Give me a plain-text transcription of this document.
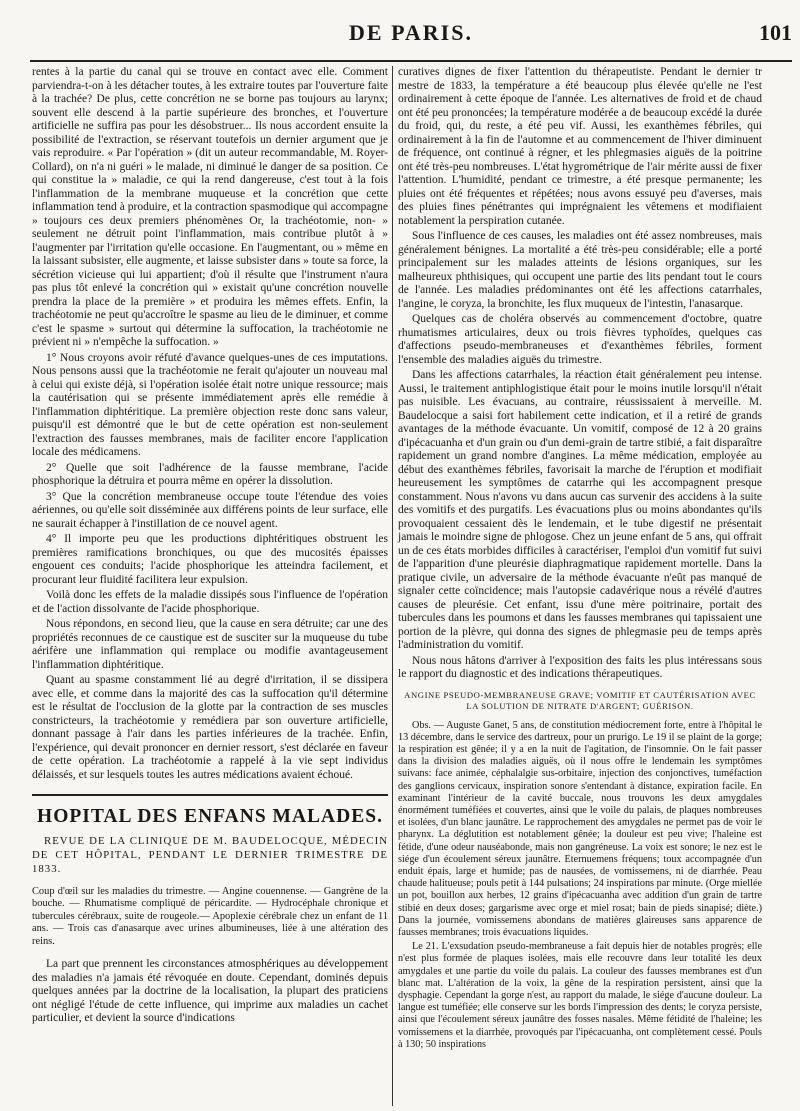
DE PARIS.	101

rentes à la partie du canal qui se trouve en contact avec elle. Comment parviendra-t-on à les détacher toutes, à les extraire toutes par l'ouverture faite à la trachée? De plus, cette concrétion ne se borne pas toujours au larynx; souvent elle descend à la partie supérieure des bronches, et l'ouverture artificielle ne suffira pas pour les désobstruer... Ils nous accordent ensuite la possibilité de l'extraction, se réservant toutefois un dernier argument que je vais reproduire. « Par l'opération » (dit un auteur recommandable, M. Royer-Collard), on n'a ni guéri » le malade, ni diminué le danger de sa position. Ce qui constitue la » maladie, ce qui la rend dangereuse, c'est tout à la fois l'inflammation de la membrane muqueuse et la concrétion que cette inflammation tend à produire, et la contraction spasmodique qui accompagne » toujours ces deux premiers phénomènes Or, la trachéotomie, non- » seulement ne détruit point l'inflammation, mais contribue plutôt à » l'augmenter par l'irritation qu'elle occasione. En l'augmentant, ou » même en la laissant subsister, elle augmente, et laisse subsister dans » toute sa force, la sécrétion vicieuse qui lui appartient; d'où il résulte que l'instrument n'aura pas plus tôt enlevé la concrétion qui » existait qu'une concrétion nouvelle prendra la place de la première » et produira les mêmes effets. Enfin, la trachéotomie ne peut qu'accroître le spasme au lieu de le diminuer, et comme c'est le spasme » surtout qui détermine la suffocation, la trachéotomie ne prévient ni » n'empêche la suffocation. »

1° Nous croyons avoir réfuté d'avance quelques-unes de ces imputations. Nous pensons aussi que la trachéotomie ne ferait qu'ajouter un nouveau mal à celui qui existe déjà, si l'opération isolée était notre unique ressource; mais la cautérisation qui se présente immédiatement après elle remédie à l'inflammation diphtéritique. La première objection reste donc sans valeur, puisqu'il est démontré que le but de cette opération est non-seulement l'extraction des fausses membranes, mais de faciliter encore l'application locale des médicamens.

2° Quelle que soit l'adhérence de la fausse membrane, l'acide phosphorique la détruira et pourra même en opérer la dissolution.

3° Que la concrétion membraneuse occupe toute l'étendue des voies aériennes, ou qu'elle soit disséminée aux différens points de leur surface, elle ne saurait échapper à l'instillation de ce nouvel agent.

4° Il importe peu que les productions diphtéritiques obstruent les premières ramifications bronchiques, ou que des mucosités épaisses engouent ces conduits; l'acide phosphorique les atteindra facilement, et procurant leur fluidité facilitera leur expulsion.

Voilà donc les effets de la maladie dissipés sous l'influence de l'opération et de l'action dissolvante de l'acide phosphorique.

Nous répondons, en second lieu, que la cause en sera détruite; car une des propriétés reconnues de ce caustique est de susciter sur la muqueuse du tube aérifère une inflammation qui remplace ou modifie avantageusement l'inflammation diphtéritique.

Quant au spasme constamment lié au degré d'irritation, il se dissipera avec elle, et comme dans la majorité des cas la suffocation qu'il détermine est le résultat de l'occlusion de la glotte par la contraction de ses muscles constricteurs, la trachéotomie y remédiera par son ouverture artificielle, donnant passage à l'air dans les parties inférieures de la trachée. Enfin, l'expérience, qui devait prononcer en dernier ressort, s'est déclarée en faveur de cette opération. La trachéotomie a rappelé à la vie sept individus délaissés, et sur lesquels toutes les autres médications avaient échoué.

HOPITAL DES ENFANS MALADES.

REVUE DE LA CLINIQUE DE M. BAUDELOCQUE, MÉDECIN DE CET HÔPITAL, PENDANT LE DERNIER TRIMESTRE DE 1833.

Coup d'œil sur les maladies du trimestre. — Angine couennense. — Gangrène de la bouche. — Rhumatisme compliqué de péricardite. — Hydrocéphale chronique et tubercules cérébraux, suite de rougeole.— Apoplexie cérébrale chez un enfant de 11 ans. — Trois cas d'anasarque avec urines albumineuses, liée à une altération des reins.

La part que prennent les circonstances atmosphériques au développement des maladies n'a jamais été révoquée en doute. Cependant, dominés depuis quelques années par la doctrine de la localisation, la plupart des praticiens ont négligé l'étude de cette influence, qui imprime aux maladies un cachet particulier, et devient la source d'indications

curatives dignes de fixer l'attention du thérapeutiste. Pendant le dernier tr mestre de 1833, la température a été beaucoup plus élevée qu'elle ne l'est ordinairement à cette époque de l'année. Les alternatives de froid et de chaud ont été peu prononcées; la température modérée a de beaucoup excédé la durée du froid, qui, du reste, a été peu vif. Aussi, les exanthèmes fébriles, qui ordinairement à la fin de l'automne et au commencement de l'hiver diminuent de fréquence, ont continué à régner, et les phlegmasies aiguës de la poitrine ont été très-peu nombreuses. L'état hygrométrique de l'air mérite aussi de fixer l'attention. L'humidité, pendant ce trimestre, a été presque permanente; les pluies ont été fréquentes et répétées; nous avons essuyé peu d'averses, mais des pluies fines pénétrantes qui imprégnaient les vêtemens et modifiaient notablement la perspiration cutanée.

Sous l'influence de ces causes, les maladies ont été assez nombreuses, mais généralement bénignes. La mortalité a été très-peu considérable; elle a porté principalement sur les malades atteints de lésions organiques, sur les malheureux phthisiques, qui occupent une partie des lits pendant tout le cours de l'année. Les maladies prédominantes ont été les affections catarrhales, l'angine, le coryza, la bronchite, les flux muqueux de l'intestin, l'anasarque.

Quelques cas de choléra observés au commencement d'octobre, quatre rhumatismes articulaires, deux ou trois fièvres typhoïdes, quelques cas d'affections pseudo-membraneuses et d'exanthèmes fébriles, forment l'ensemble des maladies aiguës du trimestre.

Dans les affections catarrhales, la réaction était généralement peu intense. Aussi, le traitement antiphlogistique était pour le moins inutile lorsqu'il n'était pas nuisible. Les évacuans, au contraire, réussissaient à merveille. M. Baudelocque a saisi fort habilement cette indication, et il a retiré de grands avantages de la méthode évacuante. Un vomitif, composé de 12 à 20 grains d'ipécacuanha et d'un grain ou d'un demi-grain de tartre stibié, a fait disparaître rapidement un grand nombre d'angines. La même médication, employée au début des exanthèmes fébriles, favorisait la marche de l'éruption et modifiait heureusement les symptômes de catarrhe qui les accompagnent presque constamment. Nous n'avons vu dans aucun cas survenir des accidens à la suite des vomitifs et des purgatifs. Les évacuations plus ou moins abondantes qu'ils provoquaient cessaient dès le lendemain, et le tube digestif ne présentait jamais le moindre signe de phlogose. Chez un jeune enfant de 5 ans, qui offrait un de ces états morbides difficiles à caractériser, l'emploi d'un vomitif fut suivi de l'apparition d'une pleurésie diaphragmatique rapidement mortelle. Dans la pratique civile, un adversaire de la méthode évacuante n'eût pas manqué de signaler cette coïncidence; mais l'autopsie cadavérique nous a révélé d'autres causes de pleurésie. Cet enfant, issu d'une mère poitrinaire, portait des tubercules dans les poumons et dans les fausses membranes qui tapissaient une portion de la plèvre, qui donna des signes de phlegmasie peu de temps après l'administration du vomitif.

Nous nous hâtons d'arriver à l'exposition des faits les plus intéressans sous le rapport du diagnostic et des indications thérapeutiques.

ANGINE PSEUDO-MEMBRANEUSE GRAVE; VOMITIF ET CAUTÉRISATION AVEC LA SOLUTION DE NITRATE D'ARGENT; GUÉRISON.

Obs. — Auguste Ganet, 5 ans, de constitution médiocrement forte, entre à l'hôpital le 13 décembre, dans le service des dartreux, pour un prurigo. Le 19 il se plaint de la gorge; la respiration est gênée; il y a en la nuit de l'agitation, de l'insomnie. On le fait passer dans la division des maladies aiguës, où il nous offre le lendemain les symptômes suivans: face animée, céphalalgie sus-orbitaire, injection des conjonctives, tuméfaction des ganglions cervicaux, inspiration sonore s'entendant à distance, expiration facile. En examinant l'intérieur de la cavité buccale, nous trouvons les deux amygdales énormément tuméfiées et couvertes, ainsi que le voile du palais, de plaques nombreuses et isolées, d'un blanc jaunâtre. Le rapprochement des amygdales ne permet pas de voir le pharynx. La déglutition est notablement gênée; la douleur est peu vive; l'haleine est fétide, d'une odeur nauséabonde, mais non gangréneuse. La voix est sonore; le nez est le siége d'un écoulement séreux jaunâtre. Eternuemens fréquens; toux accompagnée d'un enduit épais, large et humide; pas de nausées, de vomissemens, ni de diarrhée. Peau chaude halitueuse; pouls petit à 144 pulsations; 24 inspirations par minute. (Orge miellée un pot, bouillon aux herbes, 12 grains d'ipécacuanha avec addition d'un grain de tartre stibié en deux doses; gargarisme avec orge et miel rosat; bain de pieds sinapisé; diète.) Dans la journée, vomissemens abondans de matières glaireuses sans apparence de fausses membranes; trois évacuations liquides.

Le 21. L'exsudation pseudo-membraneuse a fait depuis hier de notables progrès; elle n'est plus formée de plaques isolées, mais elle recouvre dans leur totalité les deux amygdales et une partie du voile du palais. La couleur des fausses membranes est d'un blanc mat. L'altération de la voix, la gêne de la respiration persistent, ainsi que la dysphagie. Cependant la gorge n'est, au rapport du malade, le siége d'aucune douleur. La langue est tuméfiée; elle conserve sur les bords l'impression des dents; le coryza persiste, ainsi que l'écoulement séreux jaunâtre des fosses nasales. Même fétidité de l'haleine; les vomissemens et la diarrhée, provoqués par l'ipécacuanha, ont complètement cessé. Pouls à 130; 50 inspirations
